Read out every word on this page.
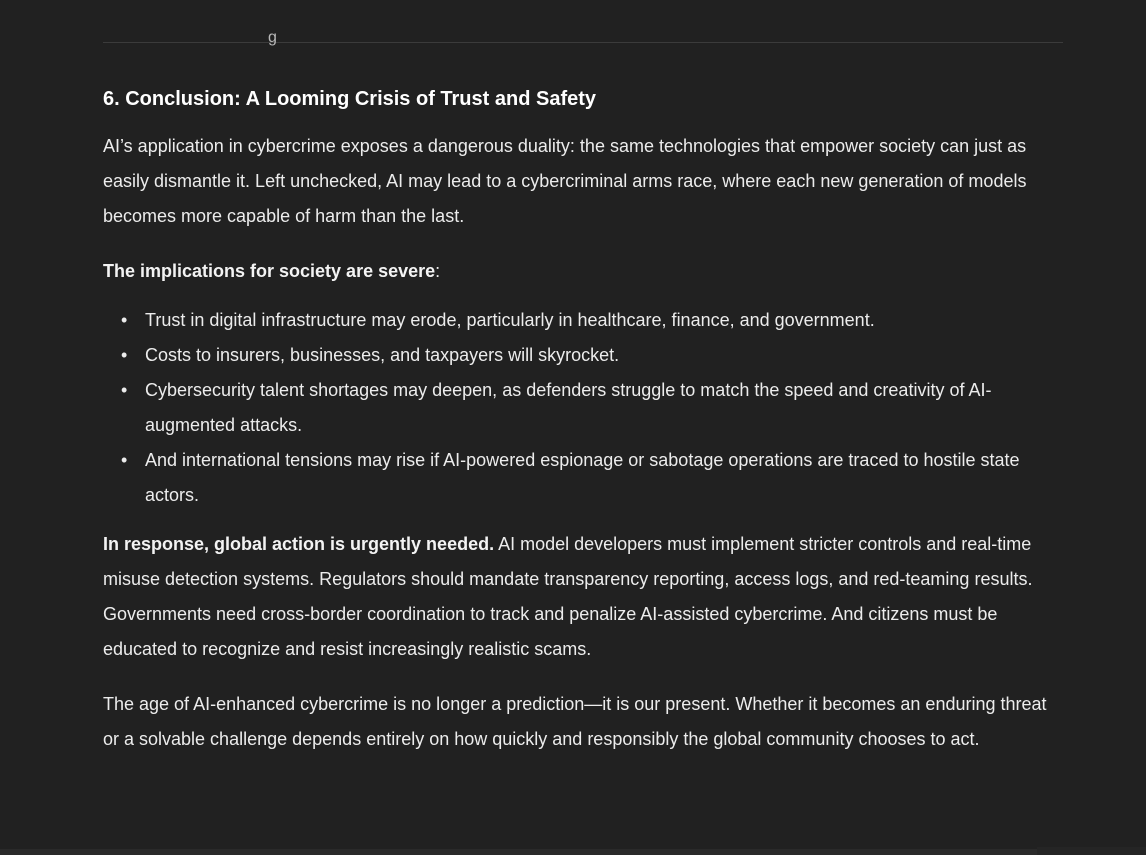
g
6. Conclusion: A Looming Crisis of Trust and Safety

AI’s application in cybercrime exposes a dangerous duality: the same technologies that empower society can just as easily dismantle it. Left unchecked, AI may lead to a cybercriminal arms race, where each new generation of models becomes more capable of harm than the last.

The implications for society are severe:

• Trust in digital infrastructure may erode, particularly in healthcare, finance, and government.
• Costs to insurers, businesses, and taxpayers will skyrocket.
• Cybersecurity talent shortages may deepen, as defenders struggle to match the speed and creativity of AI-augmented attacks.
• And international tensions may rise if AI-powered espionage or sabotage operations are traced to hostile state actors.

In response, global action is urgently needed. AI model developers must implement stricter controls and real-time misuse detection systems. Regulators should mandate transparency reporting, access logs, and red-teaming results. Governments need cross-border coordination to track and penalize AI-assisted cybercrime. And citizens must be educated to recognize and resist increasingly realistic scams.

The age of AI-enhanced cybercrime is no longer a prediction—it is our present. Whether it becomes an enduring threat or a solvable challenge depends entirely on how quickly and responsibly the global community chooses to act.
